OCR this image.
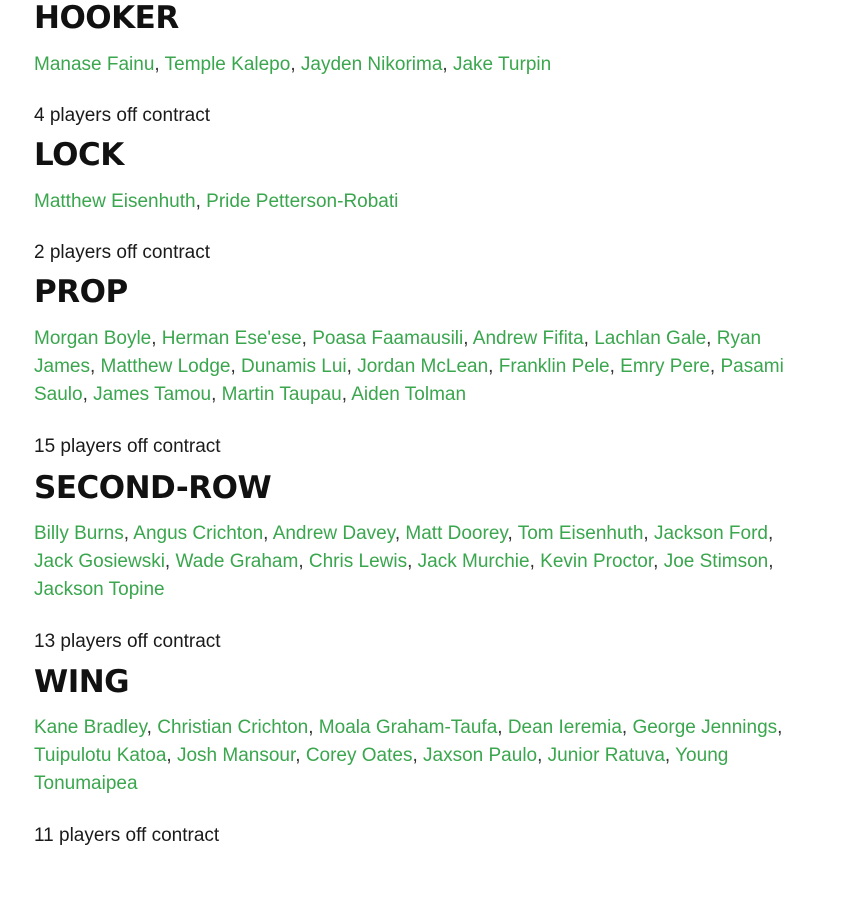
HOOKER

Manase Fainu, Temple Kalepo, Jayden Nikorima, Jake Turpin

4 players off contract

LOCK

Matthew Eisenhuth, Pride Petterson-Robati

2 players off contract

PROP

Morgan Boyle, Herman Ese'ese, Poasa Faamausili, Andrew Fifita, Lachlan Gale, Ryan James, Matthew Lodge, Dunamis Lui, Jordan McLean, Franklin Pele, Emry Pere, Pasami Saulo, James Tamou, Martin Taupau, Aiden Tolman

15 players off contract

SECOND-ROW

Billy Burns, Angus Crichton, Andrew Davey, Matt Doorey, Tom Eisenhuth, Jackson Ford, Jack Gosiewski, Wade Graham, Chris Lewis, Jack Murchie, Kevin Proctor, Joe Stimson, Jackson Topine

13 players off contract

WING

Kane Bradley, Christian Crichton, Moala Graham-Taufa, Dean Ieremia, George Jennings, Tuipulotu Katoa, Josh Mansour, Corey Oates, Jaxson Paulo, Junior Ratuva, Young Tonumaipea

11 players off contract
